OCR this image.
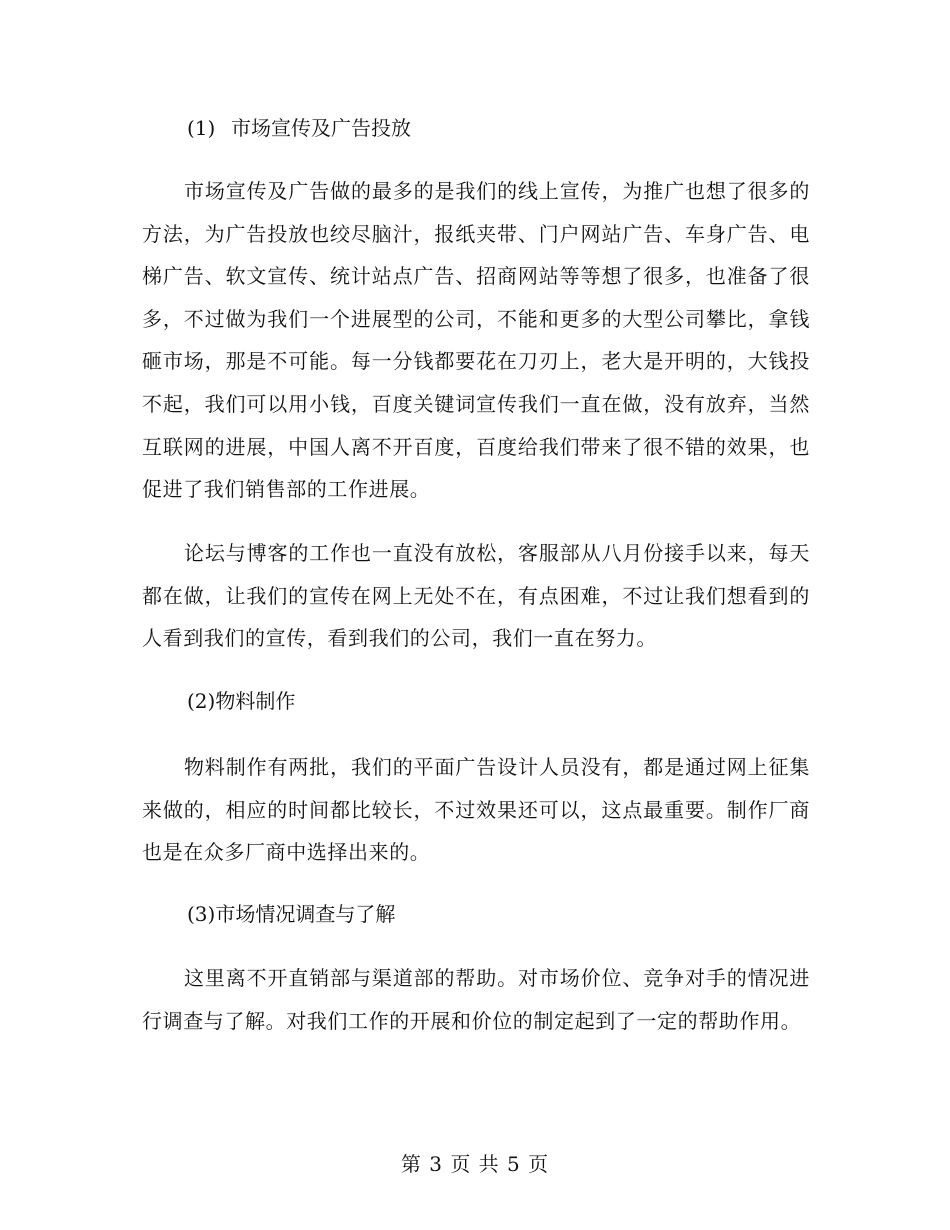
(1) 市场宣传及广告投放

市场宣传及广告做的最多的是我们的线上宣传，为推广也想了很多的方法，为广告投放也绞尽脑汁，报纸夹带、门户网站广告、车身广告、电梯广告、软文宣传、统计站点广告、招商网站等等想了很多，也准备了很多，不过做为我们一个进展型的公司，不能和更多的大型公司攀比，拿钱砸市场，那是不可能。每一分钱都要花在刀刃上，老大是开明的，大钱投不起，我们可以用小钱，百度关键词宣传我们一直在做，没有放弃，当然互联网的进展，中国人离不开百度，百度给我们带来了很不错的效果，也促进了我们销售部的工作进展。

论坛与博客的工作也一直没有放松，客服部从八月份接手以来，每天都在做，让我们的宣传在网上无处不在，有点困难，不过让我们想看到的人看到我们的宣传，看到我们的公司，我们一直在努力。

(2)物料制作

物料制作有两批，我们的平面广告设计人员没有，都是通过网上征集来做的，相应的时间都比较长，不过效果还可以，这点最重要。制作厂商也是在众多厂商中选择出来的。

(3)市场情况调查与了解

这里离不开直销部与渠道部的帮助。对市场价位、竞争对手的情况进行调查与了解。对我们工作的开展和价位的制定起到了一定的帮助作用。

第 3 页 共 5 页
